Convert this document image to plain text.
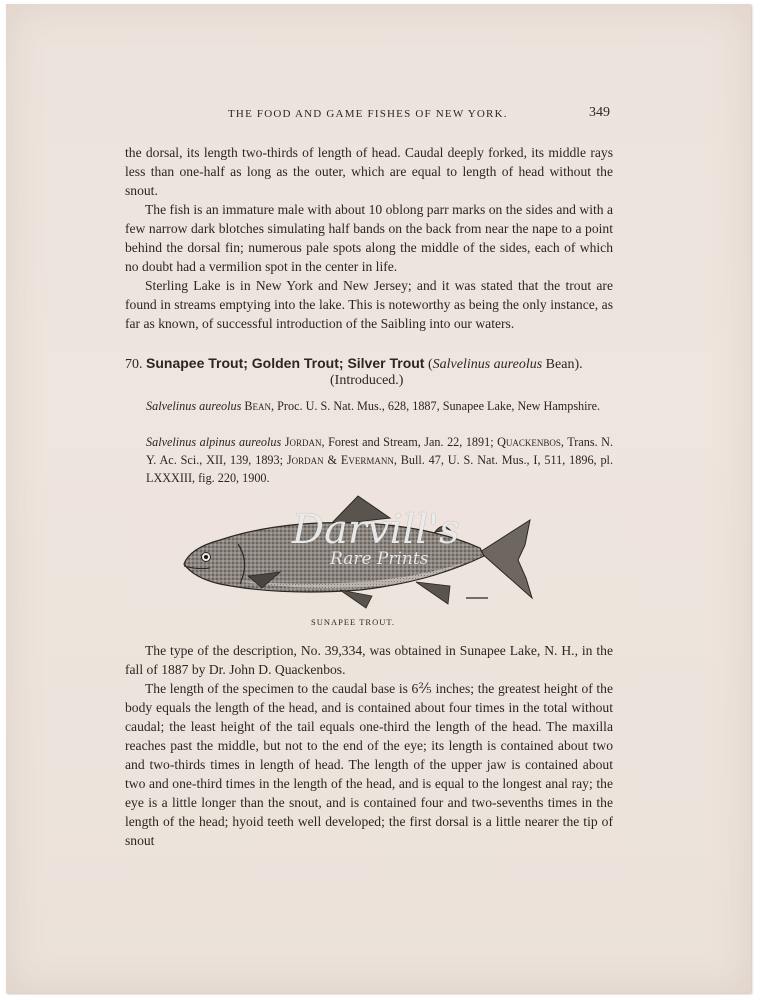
THE FOOD AND GAME FISHES OF NEW YORK.	349

the dorsal, its length two-thirds of length of head. Caudal deeply forked, its middle rays less than one-half as long as the outer, which are equal to length of head without the snout.

The fish is an immature male with about 10 oblong parr marks on the sides and with a few narrow dark blotches simulating half bands on the back from near the nape to a point behind the dorsal fin; numerous pale spots along the middle of the sides, each of which no doubt had a vermilion spot in the center in life.

Sterling Lake is in New York and New Jersey; and it was stated that the trout are found in streams emptying into the lake. This is noteworthy as being the only instance, as far as known, of successful introduction of the Saibling into our waters.

70. Sunapee Trout; Golden Trout; Silver Trout (Salvelinus aureolus Bean).
(Introduced.)
Salvelinus aureolus Bean, Proc. U. S. Nat. Mus., 628, 1887, Sunapee Lake, New Hampshire.
Salvelinus alpinus aureolus Jordan, Forest and Stream, Jan. 22, 1891; Quackenbos, Trans. N. Y. Ac. Sci., XII, 139, 1893; Jordan & Evermann, Bull. 47, U. S. Nat. Mus., I, 511, 1896, pl. LXXXIII, fig. 220, 1900.
Darvill's
Rare Prints
SUNAPEE TROUT.

The type of the description, No. 39,334, was obtained in Sunapee Lake, N. H., in the fall of 1887 by Dr. John D. Quackenbos.

The length of the specimen to the caudal base is 6⅖ inches; the greatest height of the body equals the length of the head, and is contained about four times in the total without caudal; the least height of the tail equals one-third the length of the head. The maxilla reaches past the middle, but not to the end of the eye; its length is contained about two and two-thirds times in length of head. The length of the upper jaw is contained about two and one-third times in the length of the head, and is equal to the longest anal ray; the eye is a little longer than the snout, and is contained four and two-sevenths times in the length of the head; hyoid teeth well developed; the first dorsal is a little nearer the tip of snout
